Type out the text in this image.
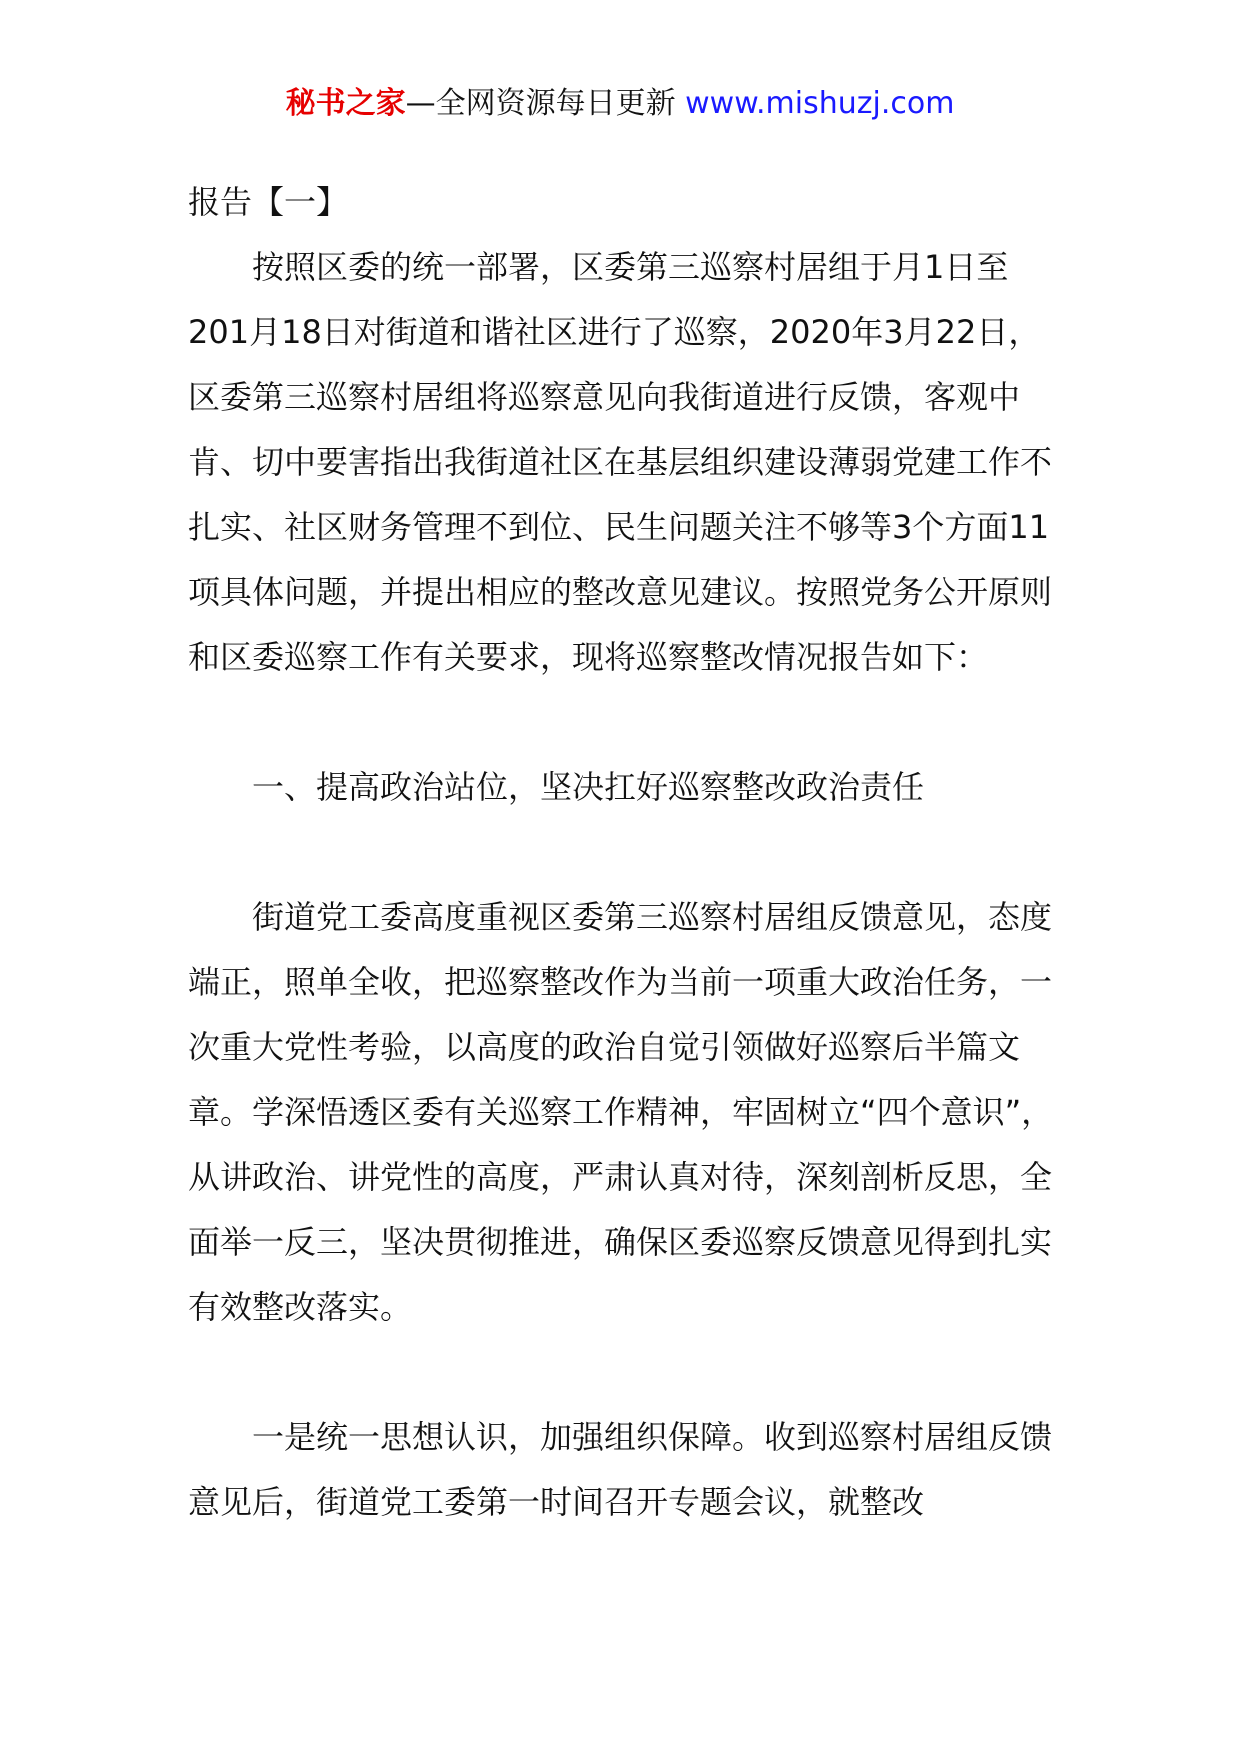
秘书之家—全网资源每日更新 www.mishuzj.com

报告【一】

按照区委的统一部署，区委第三巡察村居组于月1日至201月18日对街道和谐社区进行了巡察，2020年3月22日，区委第三巡察村居组将巡察意见向我街道进行反馈，客观中肯、切中要害指出我街道社区在基层组织建设薄弱党建工作不扎实、社区财务管理不到位、民生问题关注不够等3个方面11项具体问题，并提出相应的整改意见建议。按照党务公开原则和区委巡察工作有关要求，现将巡察整改情况报告如下：

一、提高政治站位，坚决扛好巡察整改政治责任

街道党工委高度重视区委第三巡察村居组反馈意见，态度端正，照单全收，把巡察整改作为当前一项重大政治任务，一次重大党性考验，以高度的政治自觉引领做好巡察后半篇文章。学深悟透区委有关巡察工作精神，牢固树立“四个意识”，从讲政治、讲党性的高度，严肃认真对待，深刻剖析反思，全面举一反三，坚决贯彻推进，确保区委巡察反馈意见得到扎实有效整改落实。

一是统一思想认识，加强组织保障。收到巡察村居组反馈意见后，街道党工委第一时间召开专题会议，就整改
